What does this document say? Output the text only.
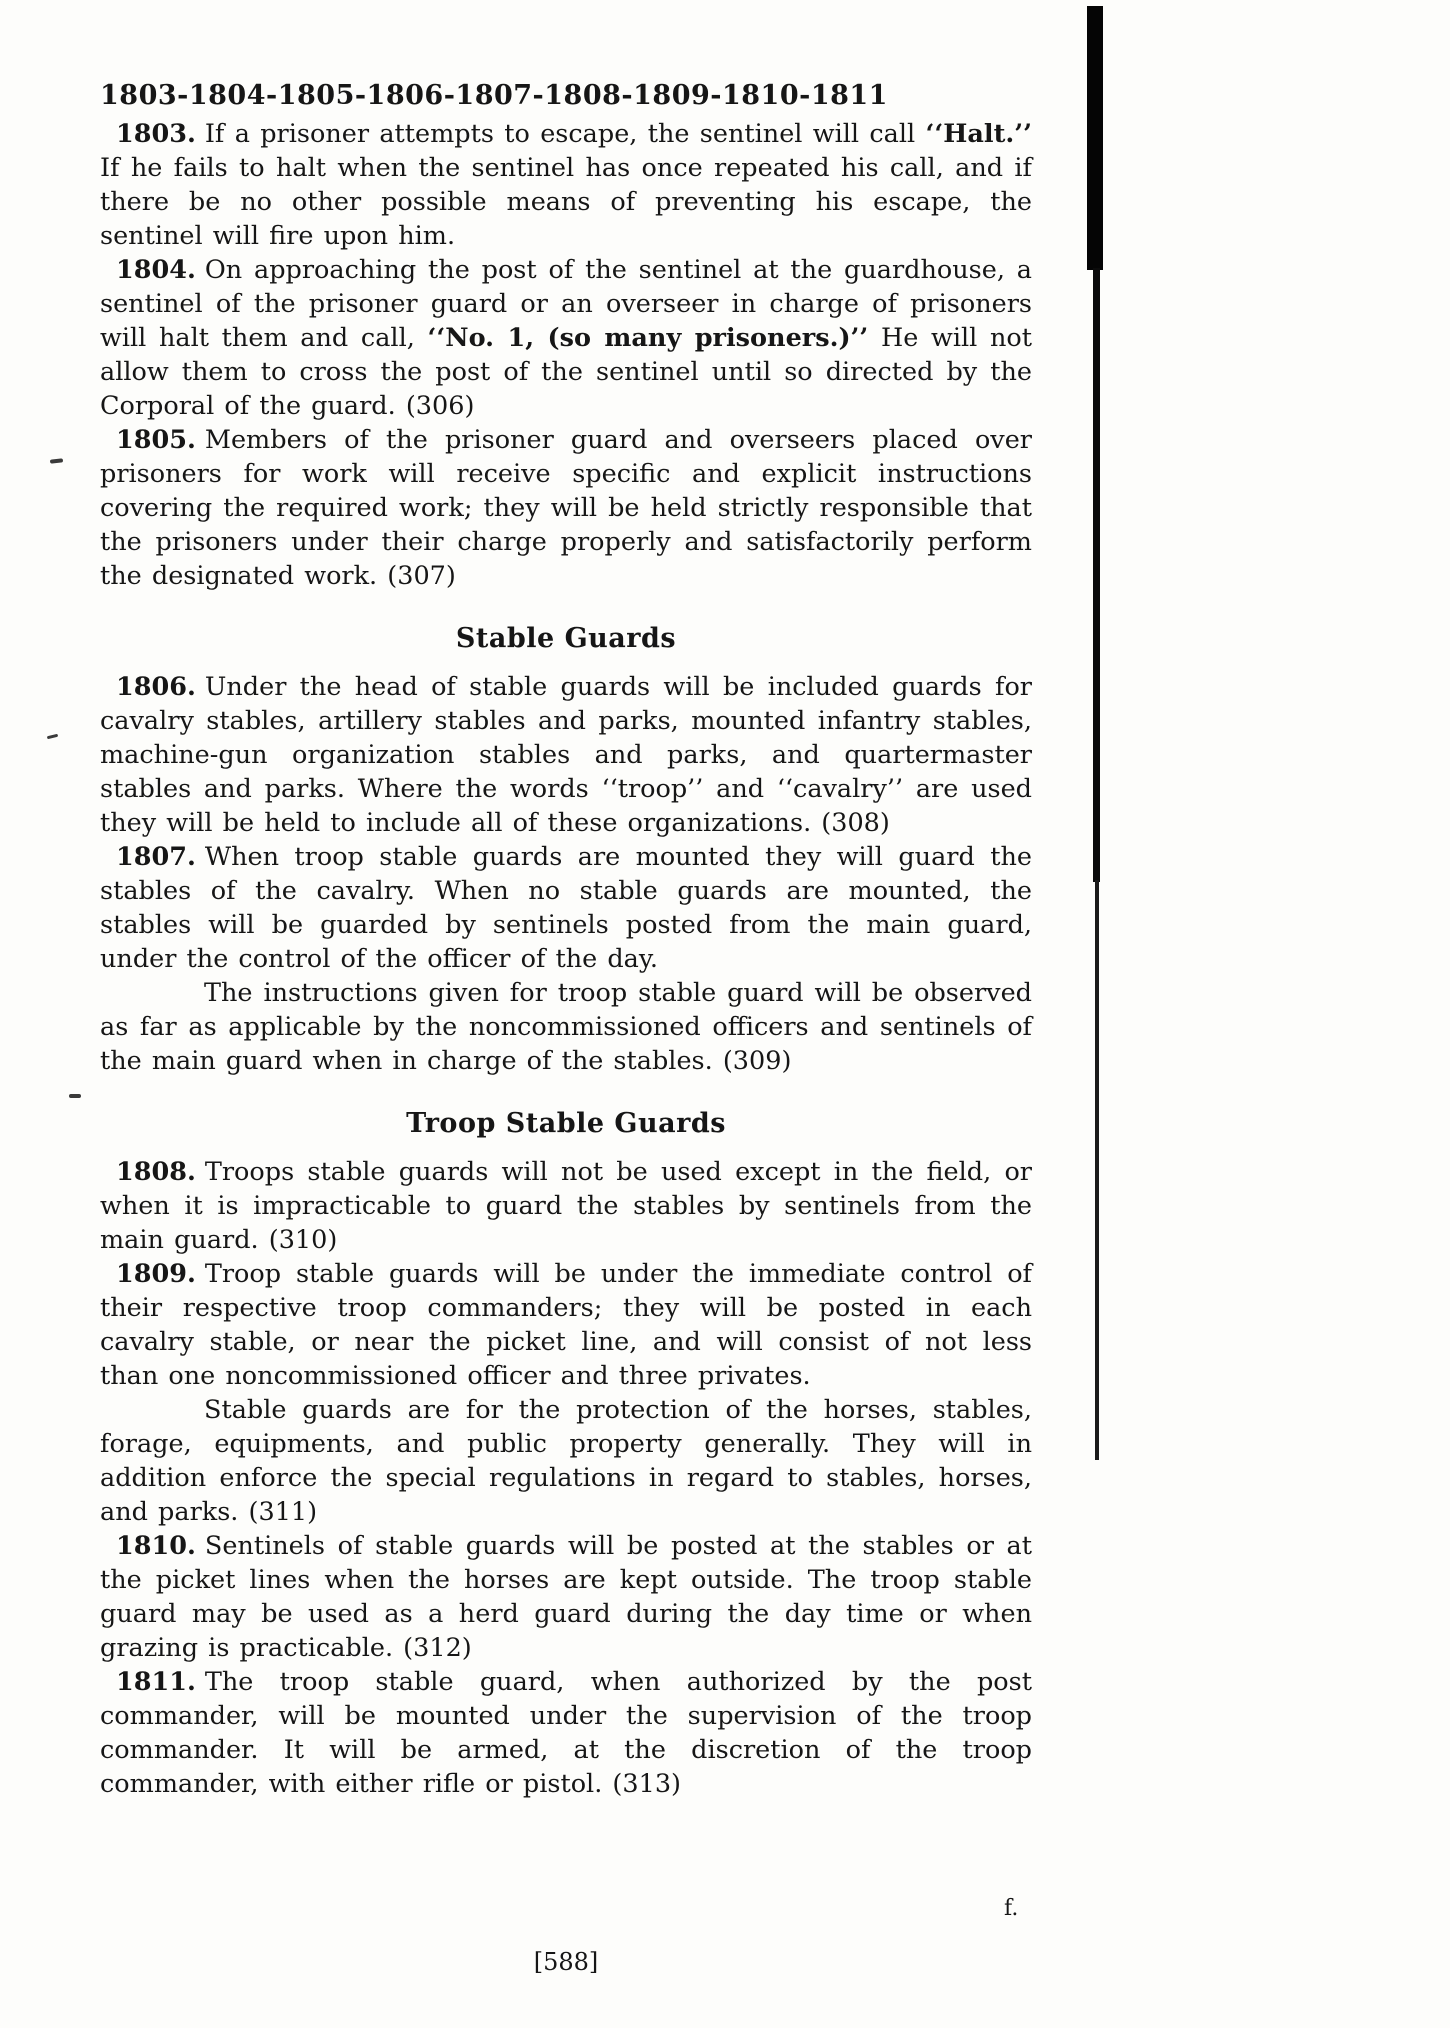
1803-1804-1805-1806-1807-1808-1809-1810-1811

1803. If a prisoner attempts to escape, the sentinel will call ‘‘Halt.’’ If he fails to halt when the sentinel has once repeated his call, and if there be no other possible means of preventing his escape, the sentinel will fire upon him.

1804. On approaching the post of the sentinel at the guardhouse, a sentinel of the prisoner guard or an overseer in charge of prisoners will halt them and call, ‘‘No. 1, (so many prisoners.)’’ He will not allow them to cross the post of the sentinel until so directed by the Corporal of the guard. (306)

1805. Members of the prisoner guard and overseers placed over prisoners for work will receive specific and explicit instructions covering the required work; they will be held strictly responsible that the prisoners under their charge properly and satisfactorily perform the designated work. (307)

Stable Guards

1806. Under the head of stable guards will be included guards for cavalry stables, artillery stables and parks, mounted infantry stables, machine-gun organization stables and parks, and quartermaster stables and parks. Where the words ‘‘troop’’ and ‘‘cavalry’’ are used they will be held to include all of these organizations. (308)

1807. When troop stable guards are mounted they will guard the stables of the cavalry. When no stable guards are mounted, the stables will be guarded by sentinels posted from the main guard, under the control of the officer of the day.

The instructions given for troop stable guard will be observed as far as applicable by the noncommissioned officers and sentinels of the main guard when in charge of the stables. (309)

Troop Stable Guards

1808. Troops stable guards will not be used except in the field, or when it is impracticable to guard the stables by sentinels from the main guard. (310)

1809. Troop stable guards will be under the immediate control of their respective troop commanders; they will be posted in each cavalry stable, or near the picket line, and will consist of not less than one noncommissioned officer and three privates.

Stable guards are for the protection of the horses, stables, forage, equipments, and public property generally. They will in addition enforce the special regulations in regard to stables, horses, and parks. (311)

1810. Sentinels of stable guards will be posted at the stables or at the picket lines when the horses are kept outside. The troop stable guard may be used as a herd guard during the day time or when grazing is practicable. (312)

1811. The troop stable guard, when authorized by the post commander, will be mounted under the supervision of the troop commander. It will be armed, at the discretion of the troop commander, with either rifle or pistol. (313)

f.
[588]
